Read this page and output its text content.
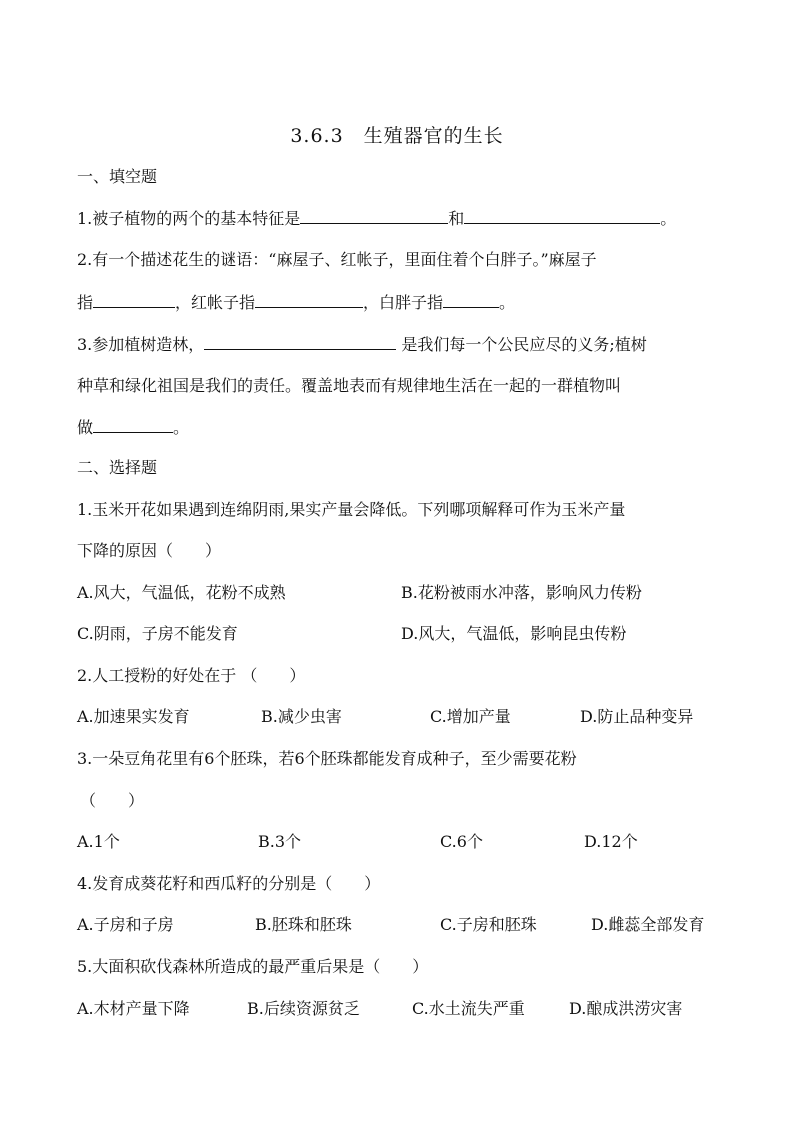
3.6.3　生殖器官的生长
一、填空题
1.被子植物的两个的基本特征是	和	。
2.有一个描述花生的谜语：“麻屋子、红帐子，里面住着个白胖子。”麻屋子
指	，红帐子指	，白胖子指	。
3.参加植树造林，	是我们每一个公民应尽的义务;植树
种草和绿化祖国是我们的责任。覆盖地表而有规律地生活在一起的一群植物叫
做	。
二、选择题
1.玉米开花如果遇到连绵阴雨,果实产量会降低。下列哪项解释可作为玉米产量
下降的原因（　　）
A.风大，气温低，花粉不成熟	B.花粉被雨水冲落，影响风力传粉
C.阴雨，子房不能发育	D.风大，气温低，影响昆虫传粉
2.人工授粉的好处在于 （　　）
A.加速果实发育	B.减少虫害	C.增加产量	D.防止品种变异
3.一朵豆角花里有6个胚珠，若6个胚珠都能发育成种子，至少需要花粉
（　　）
A.1个	B.3个	C.6个	D.12个
4.发育成葵花籽和西瓜籽的分别是（　　）
A.子房和子房	B.胚珠和胚珠	C.子房和胚珠	D.雌蕊全部发育
5.大面积砍伐森林所造成的最严重后果是（　　）
A.木材产量下降	B.后续资源贫乏	C.水土流失严重	D.酿成洪涝灾害
